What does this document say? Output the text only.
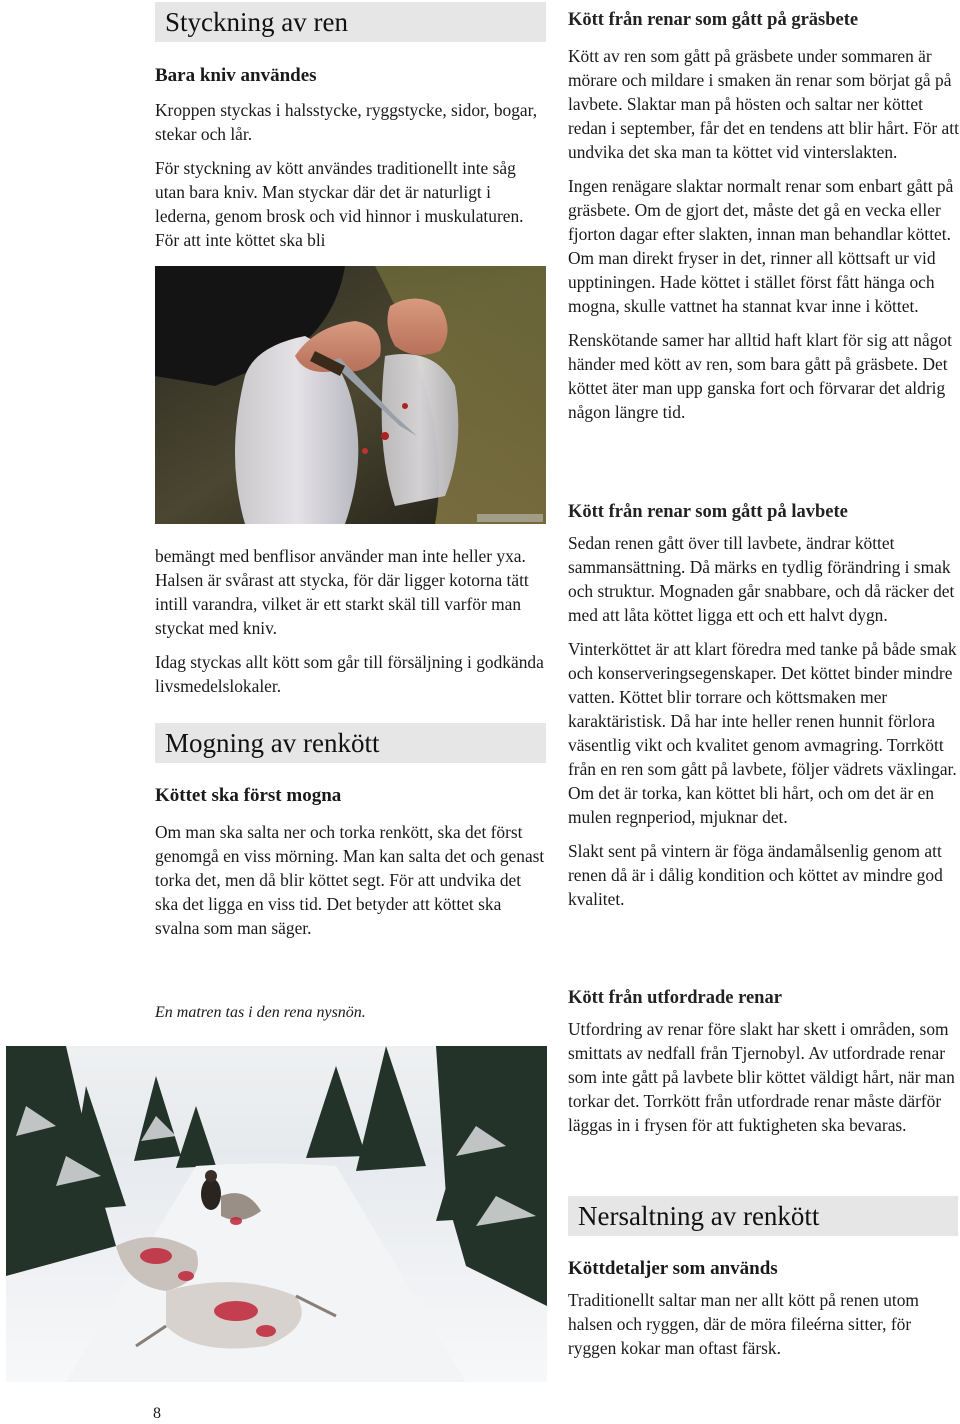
Styckning av ren
Bara kniv användes

Kroppen styckas i halsstycke, ryggstycke, sidor, bogar, stekar och lår.

För styckning av kött användes traditionellt inte såg utan bara kniv. Man styckar där det är naturligt i lederna, genom brosk och vid hinnor i muskulaturen. För att inte köttet ska bli

bemängt med benflisor använder man inte heller yxa. Halsen är svårast att stycka, för där ligger kotorna tätt intill varandra, vilket är ett starkt skäl till varför man styckat med kniv.

Idag styckas allt kött som går till försäljning i godkända livsmedelslokaler.

Mogning av renkött
Köttet ska först mogna

Om man ska salta ner och torka renkött, ska det först genomgå en viss mörning. Man kan salta det och genast torka det, men då blir köttet segt. För att undvika det ska det ligga en viss tid. Det betyder att köttet ska svalna som man säger.

En matren tas i den rena nysnön.
Kött från renar som gått på gräsbete

Kött av ren som gått på gräsbete under sommaren är mörare och mildare i smaken än renar som börjat gå på lavbete. Slaktar man på hösten och saltar ner köttet redan i september, får det en tendens att blir hårt. För att undvika det ska man ta köttet vid vinterslakten.

Ingen renägare slaktar normalt renar som enbart gått på gräsbete. Om de gjort det, måste det gå en vecka eller fjorton dagar efter slakten, innan man behandlar köttet. Om man direkt fryser in det, rinner all köttsaft ur vid upptiningen. Hade köttet i stället först fått hänga och mogna, skulle vattnet ha stannat kvar inne i köttet.

Renskötande samer har alltid haft klart för sig att något händer med kött av ren, som bara gått på gräsbete. Det köttet äter man upp ganska fort och förvarar det aldrig någon längre tid.

Kött från renar som gått på lavbete

Sedan renen gått över till lavbete, ändrar köttet sammansättning. Då märks en tydlig förändring i smak och struktur. Mognaden går snabbare, och då räcker det med att låta köttet ligga ett och ett halvt dygn.

Vinterköttet är att klart föredra med tanke på både smak och konserveringsegenskaper. Det köttet binder mindre vatten. Köttet blir torrare och köttsmaken mer karaktäristisk. Då har inte heller renen hunnit förlora väsentlig vikt och kvalitet genom avmagring. Torrkött från en ren som gått på lavbete, följer vädrets växlingar. Om det är torka, kan köttet bli hårt, och om det är en mulen regnperiod, mjuknar det.

Slakt sent på vintern är föga ändamålsenlig genom att renen då är i dålig kondition och köttet av mindre god kvalitet.

Kött från utfordrade renar

Utfordring av renar före slakt har skett i områden, som smittats av nedfall från Tjernobyl. Av utfordrade renar som inte gått på lavbete blir köttet väldigt hårt, när man torkar det. Torrkött från utfordrade renar måste därför läggas in i frysen för att fuktigheten ska bevaras.

Nersaltning av renkött
Köttdetaljer som används

Traditionellt saltar man ner allt kött på renen utom halsen och ryggen, där de möra fileérna sitter, för ryggen kokar man oftast färsk.

8
